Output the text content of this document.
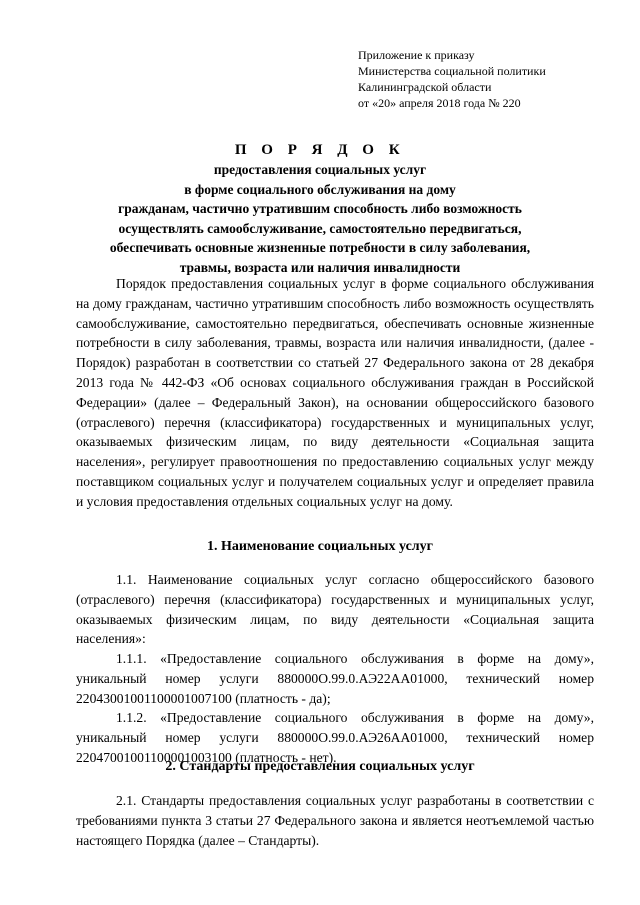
Приложение к приказу
Министерства социальной политики
Калининградской области
от «20» апреля 2018 года № 220
П О Р Я Д О К
предоставления социальных услуг
в форме социального обслуживания на дому
гражданам, частично утратившим способность либо возможность
осуществлять самообслуживание, самостоятельно передвигаться,
обеспечивать основные жизненные потребности в силу заболевания,
травмы, возраста или наличия инвалидности
Порядок предоставления социальных услуг в форме социального обслуживания на дому гражданам, частично утратившим способность либо возможность осуществлять самообслуживание, самостоятельно передвигаться, обеспечивать основные жизненные потребности в силу заболевания, травмы, возраста или наличия инвалидности, (далее - Порядок) разработан в соответствии со статьей 27 Федерального закона от 28 декабря 2013 года № 442-ФЗ «Об основах социального обслуживания граждан в Российской Федерации» (далее – Федеральный Закон), на основании общероссийского базового (отраслевого) перечня (классификатора) государственных и муниципальных услуг, оказываемых физическим лицам, по виду деятельности «Социальная защита населения», регулирует правоотношения по предоставлению социальных услуг между поставщиком социальных услуг и получателем социальных услуг и определяет правила и условия предоставления отдельных социальных услуг на дому.
1. Наименование социальных услуг
1.1. Наименование социальных услуг согласно общероссийского базового (отраслевого) перечня (классификатора) государственных и муниципальных услуг, оказываемых физическим лицам, по виду деятельности «Социальная защита населения»:
1.1.1. «Предоставление социального обслуживания в форме на дому», уникальный номер услуги 880000О.99.0.АЭ22АА01000, технический номер 22043001001100001007100 (платность - да);
1.1.2. «Предоставление социального обслуживания в форме на дому», уникальный номер услуги 880000О.99.0.АЭ26АА01000, технический номер 22047001001100001003100 (платность - нет).
2. Стандарты предоставления социальных услуг
2.1. Стандарты предоставления социальных услуг разработаны в соответствии с требованиями пункта 3 статьи 27 Федерального закона и является неотъемлемой частью настоящего Порядка (далее – Стандарты).
